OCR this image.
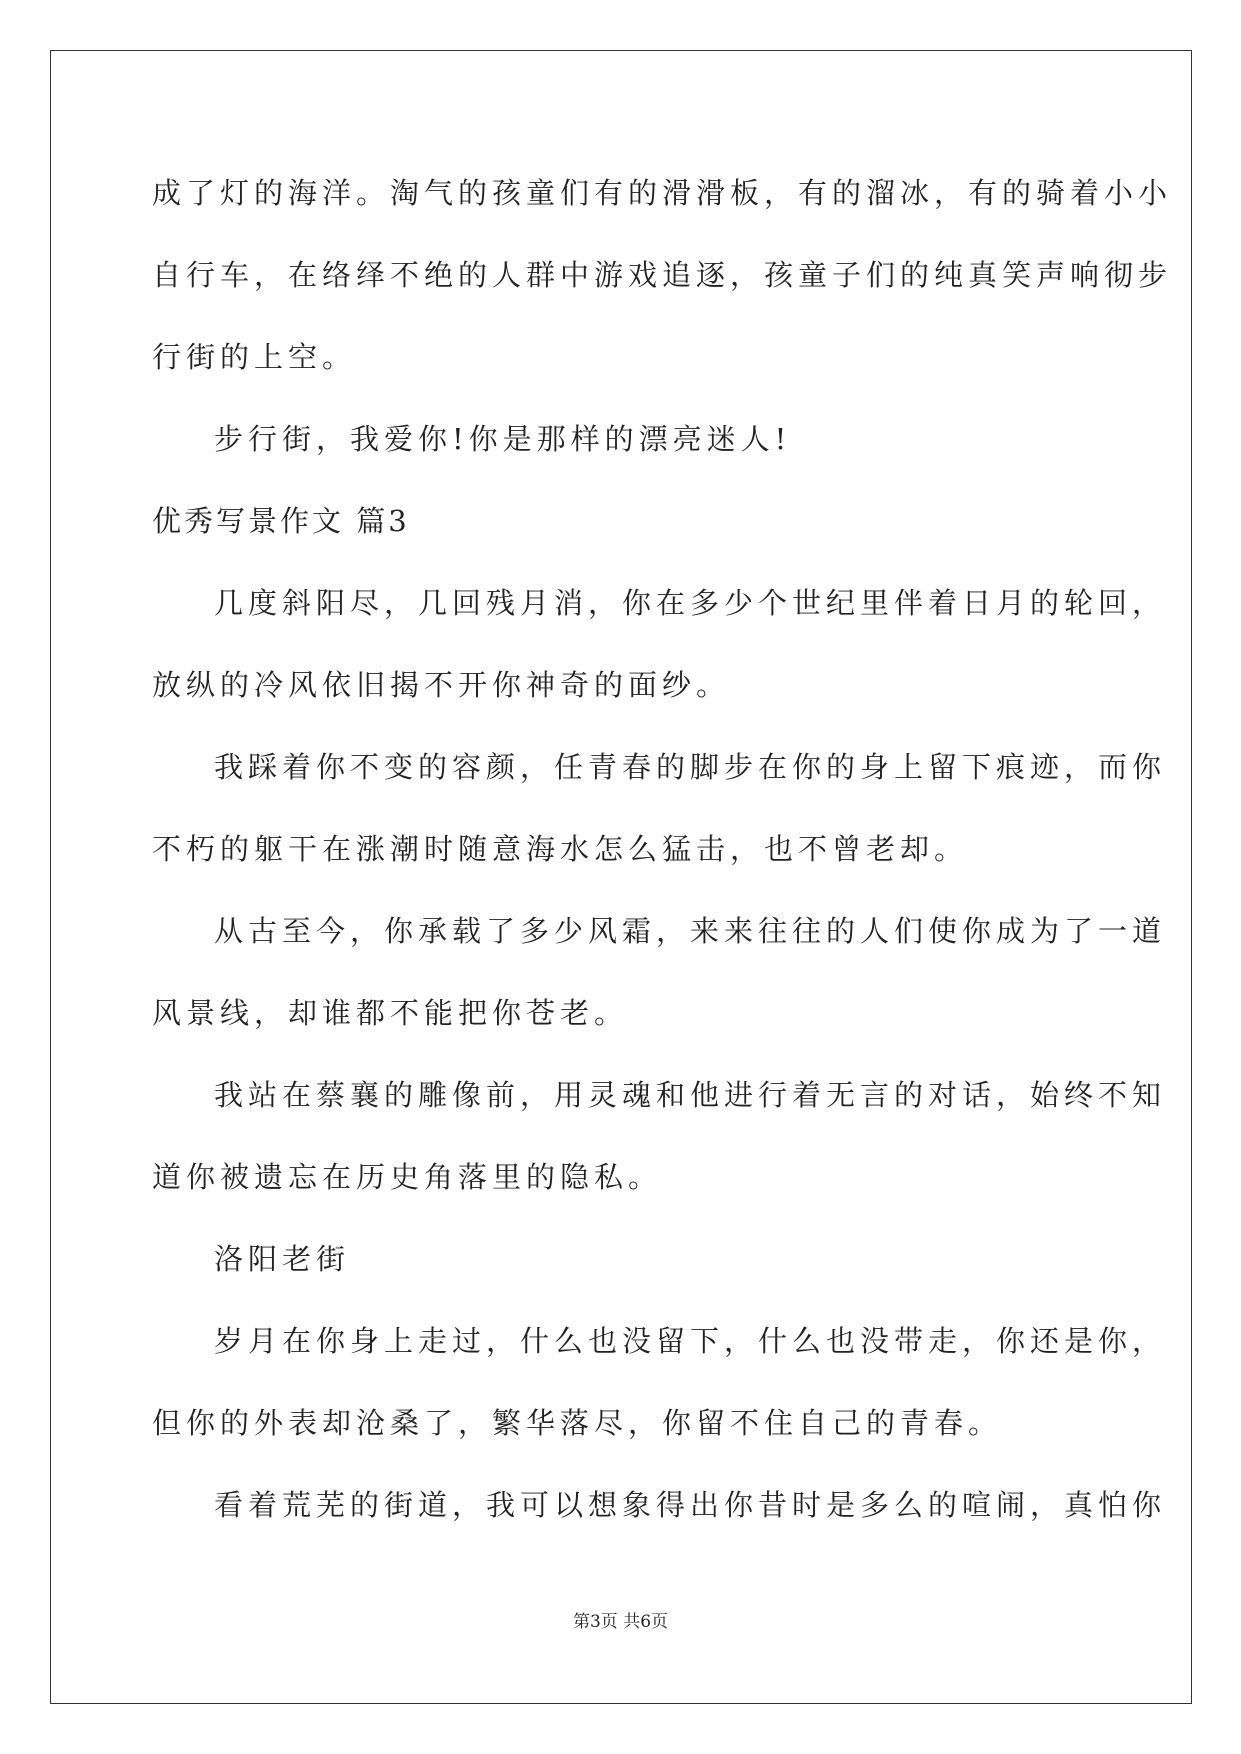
成了灯的海洋。淘气的孩童们有的滑滑板，有的溜冰，有的骑着小小
自行车，在络绎不绝的人群中游戏追逐，孩童子们的纯真笑声响彻步
行街的上空。
步行街，我爱你!你是那样的漂亮迷人!
优秀写景作文 篇3
几度斜阳尽，几回残月消，你在多少个世纪里伴着日月的轮回，
放纵的冷风依旧揭不开你神奇的面纱。
我踩着你不变的容颜，任青春的脚步在你的身上留下痕迹，而你
不朽的躯干在涨潮时随意海水怎么猛击，也不曾老却。
从古至今，你承载了多少风霜，来来往往的人们使你成为了一道
风景线，却谁都不能把你苍老。
我站在蔡襄的雕像前，用灵魂和他进行着无言的对话，始终不知
道你被遗忘在历史角落里的隐私。
洛阳老街
岁月在你身上走过，什么也没留下，什么也没带走，你还是你，
但你的外表却沧桑了，繁华落尽，你留不住自己的青春。
看着荒芜的街道，我可以想象得出你昔时是多么的喧闹，真怕你
第3页 共6页
